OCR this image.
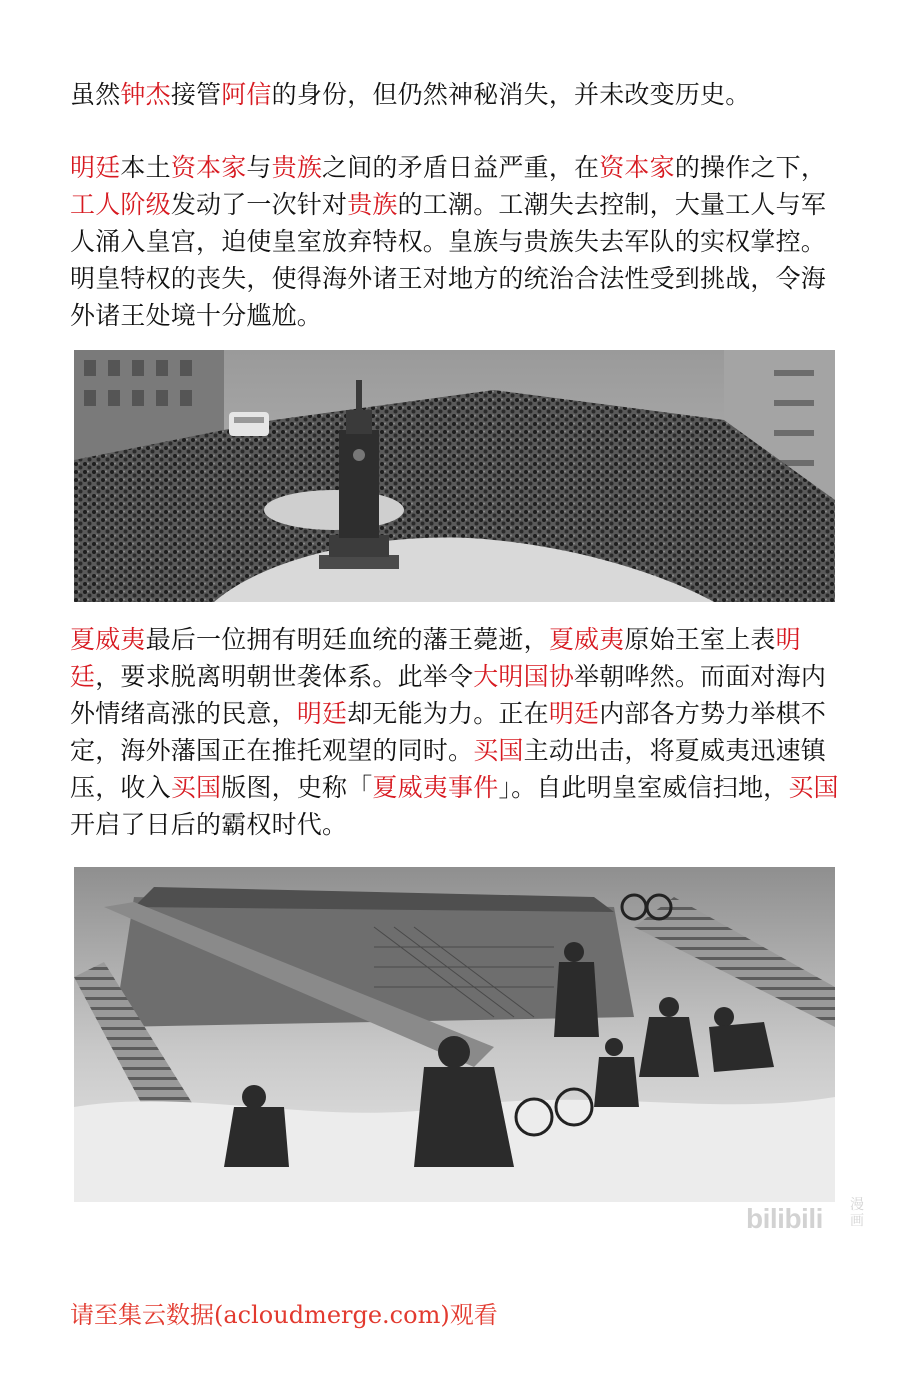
虽然钟杰接管阿信的身份，但仍然神秘消失，并未改变历史。
明廷本土资本家与贵族之间的矛盾日益严重，在资本家的操作之下，工人阶级发动了一次针对贵族的工潮。工潮失去控制，大量工人与军人涌入皇宫，迫使皇室放弃特权。皇族与贵族失去军队的实权掌控。明皇特权的丧失，使得海外诸王对地方的统治合法性受到挑战，令海外诸王处境十分尴尬。
夏威夷最后一位拥有明廷血统的藩王薨逝，夏威夷原始王室上表明廷，要求脱离明朝世袭体系。此举令大明国协举朝哗然。而面对海内外情绪高涨的民意，明廷却无能为力。正在明廷内部各方势力举棋不定，海外藩国正在推托观望的同时。买国主动出击，将夏威夷迅速镇压，收入买国版图，史称「夏威夷事件」。自此明皇室威信扫地，买国开启了日后的霸权时代。
bilibili 漫画
请至集云数据(acloudmerge.com)观看
